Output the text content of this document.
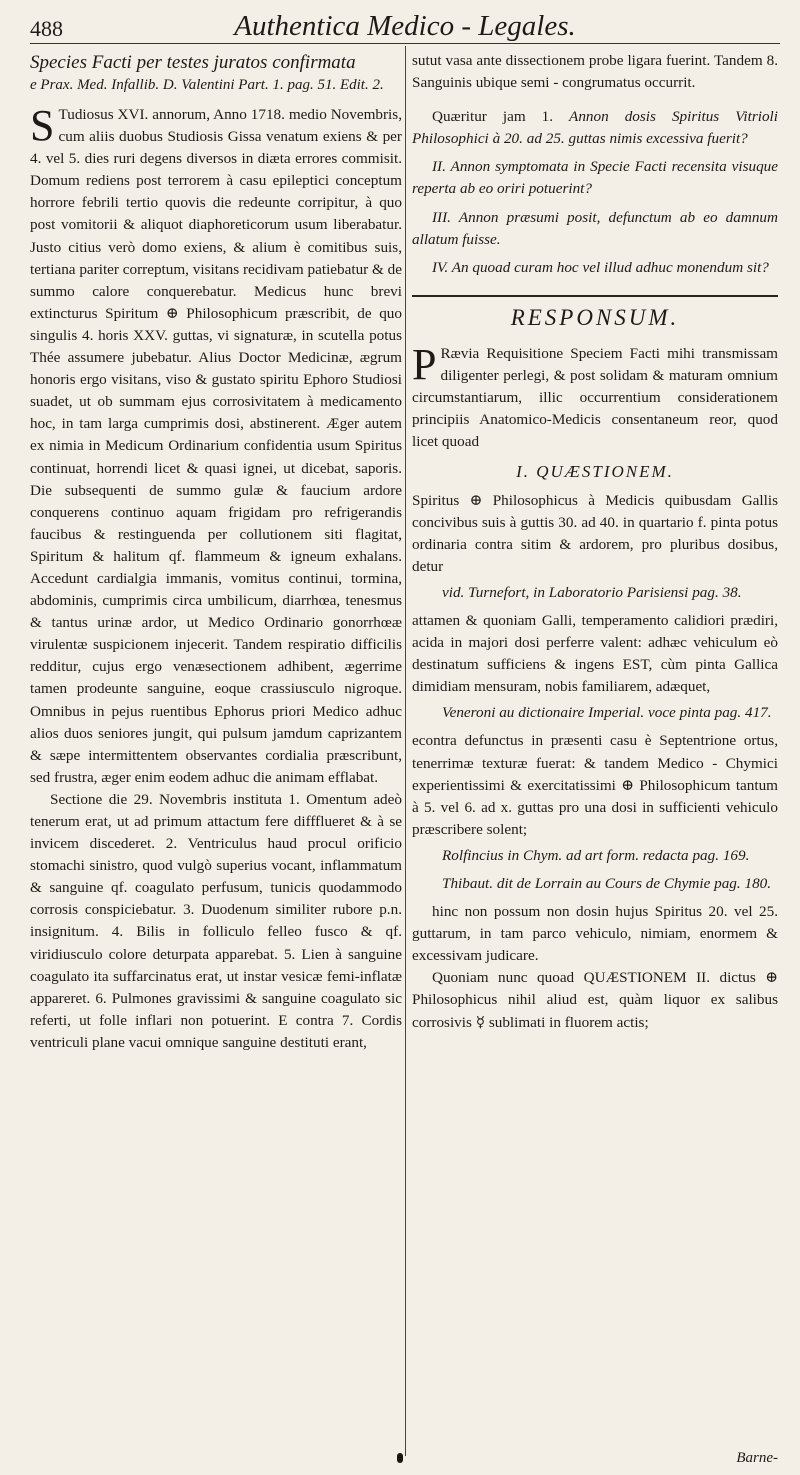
488	Authentica Medico - Legales.
Species Facti per testes juratos confirmata
e Prax. Med. Infallib. D. Valentini Part. 1. pag. 51. Edit. 2.

S Tudiosus XVI. annorum, Anno 1718. medio Novembris, cum aliis duobus Studiosis Gissa venatum exiens & per 4. vel 5. dies ruri degens diversos in diæta errores commisit. Domum rediens post terrorem à casu epileptici conceptum horrore febrili tertio quovis die redeunte corripitur, à quo post vomitorii & aliquot diaphoreticorum usum liberabatur. Justo citius verò domo exiens, & alium è comitibus suis, tertiana pariter correptum, visitans recidivam patiebatur & de summo calore conquerebatur. Medicus hunc brevi extincturus Spiritum ⊕ Philosophicum præscribit, de quo singulis 4. horis XXV. guttas, vi signaturæ, in scutella potus Thée assumere jubebatur. Alius Doctor Medicinæ, ægrum honoris ergo visitans, viso & gustato spiritu Ephoro Studiosi suadet, ut ob summam ejus corrosivitatem à medicamento hoc, in tam larga cumprimis dosi, abstinerent. Æger autem ex nimia in Medicum Ordinarium confidentia usum Spiritus continuat, horrendi licet & quasi ignei, ut dicebat, saporis. Die subsequenti de summo gulæ & faucium ardore conquerens continuo aquam frigidam pro refrigerandis faucibus & restinguenda per collutionem siti flagitat, Spiritum & halitum qf. flammeum & igneum exhalans. Accedunt cardialgia immanis, vomitus continui, tormina, abdominis, cumprimis circa umbilicum, diarrhœa, tenesmus & tantus urinæ ardor, ut Medico Ordinario gonorrhœæ virulentæ suspicionem injecerit. Tandem respiratio difficilis redditur, cujus ergo venæsectionem adhibent, ægerrime tamen prodeunte sanguine, eoque crassiusculo nigroque. Omnibus in pejus ruentibus Ephorus priori Medico adhuc alios duos seniores jungit, qui pulsum jamdum caprizantem & sæpe intermittentem observantes cordialia præscribunt, sed frustra, æger enim eodem adhuc die animam efflabat.

Sectione die 29. Novembris instituta 1. Omentum adeò tenerum erat, ut ad primum attactum fere diffflueret & à se invicem discederet. 2. Ventriculus haud procul orificio stomachi sinistro, quod vulgò superius vocant, inflammatum & sanguine qf. coagulato perfusum, tunicis quodammodo corrosis conspiciebatur. 3. Duodenum similiter rubore p.n. insignitum. 4. Bilis in folliculo felleo fusco & qf. viridiusculo colore deturpata apparebat. 5. Lien à sanguine coagulato ita suffarcinatus erat, ut instar vesicæ femi-inflatæ appareret. 6. Pulmones gravissimi & sanguine coagulato sic referti, ut folle inflari non potuerint. E contra 7. Cordis ventriculi plane vacui omnique sanguine destituti erant,

sutut vasa ante dissectionem probe ligara fuerint. Tandem 8. Sanguinis ubique semi - congrumatus occurrit.

Quæritur jam 1. Annon dosis Spiritus Vitrioli Philosophici à 20. ad 25. guttas nimis excessiva fuerit?

II. Annon symptomata in Specie Facti recensita visuque reperta ab eo oriri potuerint?

III. Annon præsumi posit, defunctum ab eo damnum allatum fuisse.

IV. An quoad curam hoc vel illud adhuc monendum sit?

RESPONSUM.

P Rævia Requisitione Speciem Facti mihi transmissam diligenter perlegi, & post solidam & maturam omnium circumstantiarum, illic occurrentium considerationem principiis Anatomico-Medicis consentaneum reor, quod licet quoad

I. QUÆSTIONEM.

Spiritus ⊕ Philosophicus à Medicis quibusdam Gallis concivibus suis à guttis 30. ad 40. in quartario f. pinta potus ordinaria contra sitim & ardorem, pro pluribus dosibus, detur

vid. Turnefort, in Laboratorio Parisiensi pag. 38.

attamen & quoniam Galli, temperamento calidiori prædiri, acida in majori dosi perferre valent: adhæc vehiculum eò destinatum sufficiens & ingens EST, cùm pinta Gallica dimidiam mensuram, nobis familiarem, adæquet,

Veneroni au dictionaire Imperial. voce pinta pag. 417.

econtra defunctus in præsenti casu è Septentrione ortus, tenerrimæ texturæ fuerat: & tandem Medico - Chymici experientissimi & exercitatissimi ⊕ Philosophicum tantum à 5. vel 6. ad x. guttas pro una dosi in sufficienti vehiculo præscribere solent;

Rolfincius in Chym. ad art form. redacta pag. 169.

Thibaut. dit de Lorrain au Cours de Chymie pag. 180.

hinc non possum non dosin hujus Spiritus 20. vel 25. guttarum, in tam parco vehiculo, nimiam, enormem & excessivam judicare.

Quoniam nunc quoad QUÆSTIONEM II. dictus ⊕ Philosophicus nihil aliud est, quàm liquor ex salibus corrosivis ☿ sublimati in fluorem actis;

Barne-
